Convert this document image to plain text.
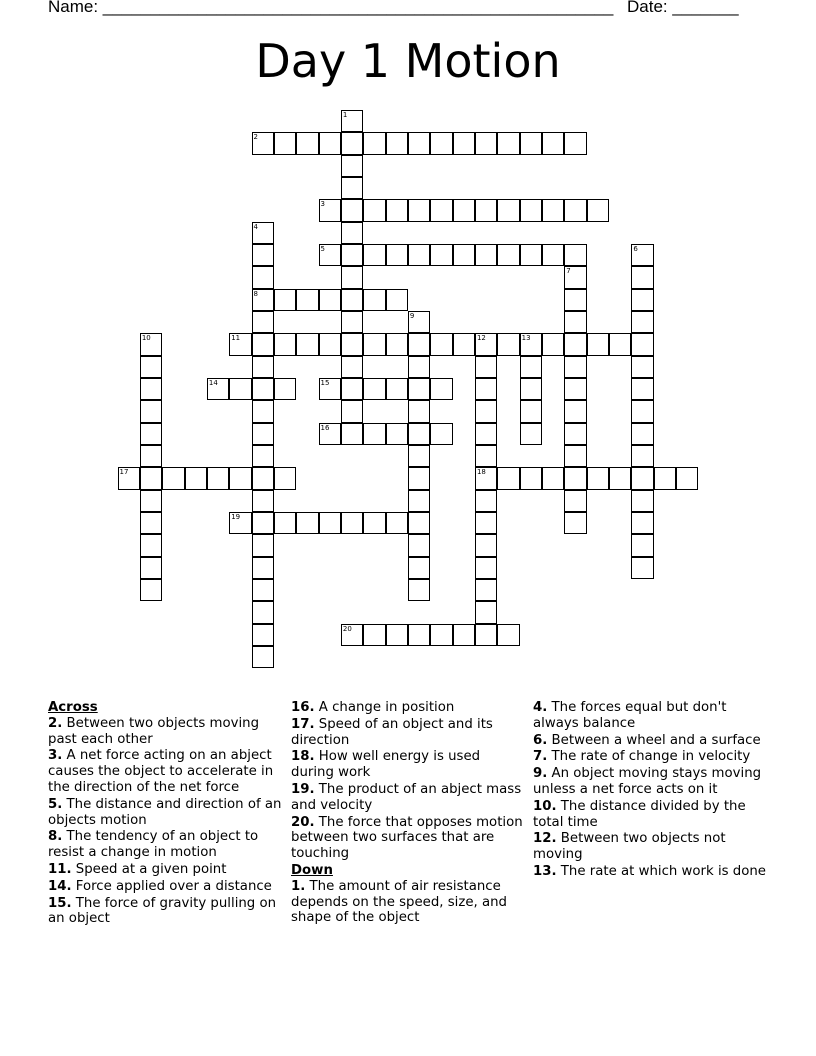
Name: ______________________________________________________ Date: _______
Day 1 Motion
1
2
3
4
8
5	6
7
9
10	11	12	13
18
14	15
16
17
19
20
Across
2. Between two objects moving past each other
3. A net force acting on an abject causes the object to accelerate in the direction of the net force
5. The distance and direction of an objects motion
8. The tendency of an object to resist a change in motion
11. Speed at a given point
14. Force applied over a distance
15. The force of gravity pulling on an object
16. A change in position
17. Speed of an object and its direction
18. How well energy is used during work
19. The product of an abject mass and velocity
20. The force that opposes motion between two surfaces that are touching
Down
1. The amount of air resistance depends on the speed, size, and shape of the object
4. The forces equal but don't always balance
6. Between a wheel and a surface
7. The rate of change in velocity
9. An object moving stays moving unless a net force acts on it
10. The distance divided by the total time
12. Between two objects not moving
13. The rate at which work is done
